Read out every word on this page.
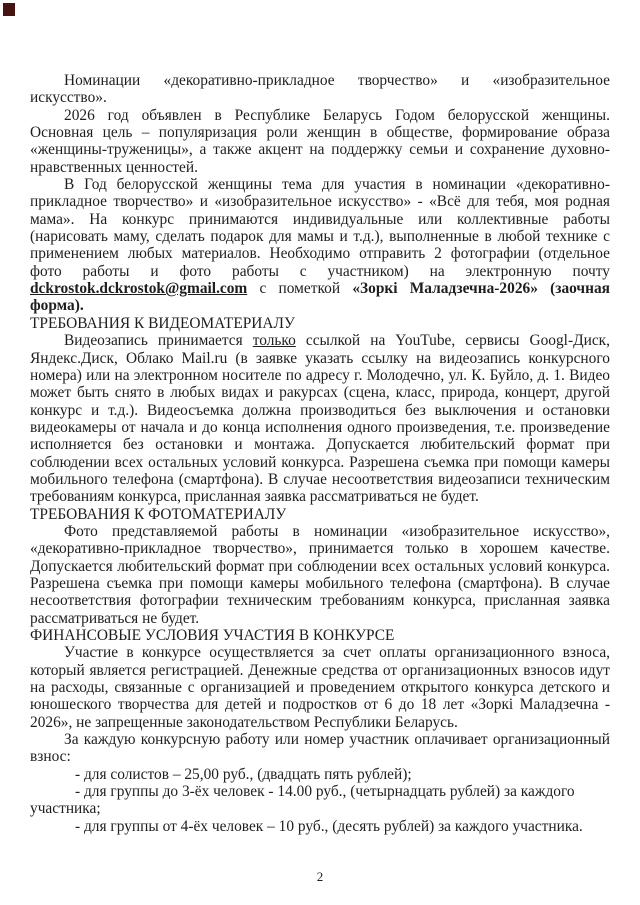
Номинации «декоративно-прикладное творчество» и «изобразительное
искусство».
2026 год объявлен в Республике Беларусь Годом белорусской женщины.
Основная цель – популяризация роли женщин в обществе, формирование образа
«женщины-труженицы», а также акцент на поддержку семьи и сохранение духовно-
нравственных ценностей.
В Год белорусской женщины тема для участия в номинации «декоративно-
прикладное творчество» и «изобразительное искусство» - «Всё для тебя, моя родная
мама». На конкурс принимаются индивидуальные или коллективные работы
(нарисовать маму, сделать подарок для мамы и т.д.), выполненные в любой технике с
применением любых материалов. Необходимо отправить 2 фотографии (отдельное
фото работы и фото работы с участником) на электронную почту
dckrostok.dckrostok@gmail.com с пометкой «Зоркі Маладзечна-2026» (заочная
форма).
ТРЕБОВАНИЯ К ВИДЕОМАТЕРИАЛУ
Видеозапись принимается только ссылкой на YouTube, сервисы Googl-Диск,
Яндекс.Диск, Облако Mail.ru (в заявке указать ссылку на видеозапись конкурсного
номера) или на электронном носителе по адресу г. Молодечно, ул. К. Буйло, д. 1. Видео
может быть снято в любых видах и ракурсах (сцена, класс, природа, концерт, другой
конкурс и т.д.). Видеосъемка должна производиться без выключения и остановки
видеокамеры от начала и до конца исполнения одного произведения, т.е. произведение
исполняется без остановки и монтажа. Допускается любительский формат при
соблюдении всех остальных условий конкурса. Разрешена съемка при помощи камеры
мобильного телефона (смартфона). В случае несоответствия видеозаписи техническим
требованиям конкурса, присланная заявка рассматриваться не будет.
ТРЕБОВАНИЯ К ФОТОМАТЕРИАЛУ
Фото представляемой работы в номинации «изобразительное искусство»,
«декоративно-прикладное творчество», принимается только в хорошем качестве.
Допускается любительский формат при соблюдении всех остальных условий конкурса.
Разрешена съемка при помощи камеры мобильного телефона (смартфона). В случае
несоответствия фотографии техническим требованиям конкурса, присланная заявка
рассматриваться не будет.
ФИНАНСОВЫЕ УСЛОВИЯ УЧАСТИЯ В КОНКУРСЕ
Участие в конкурсе осуществляется за счет оплаты организационного взноса,
который является регистрацией. Денежные средства от организационных взносов идут
на расходы, связанные с организацией и проведением открытого конкурса детского и
юношеского творчества для детей и подростков от 6 до 18 лет «Зоркі Маладзечна -
2026», не запрещенные законодательством Республики Беларусь.
За каждую конкурсную работу или номер участник оплачивает организационный
взнос:
- для солистов – 25,00 руб., (двадцать пять рублей);
- для группы до 3-ёх человек - 14.00 руб., (четырнадцать рублей) за каждого
участника;
- для группы от 4-ёх человек – 10 руб., (десять рублей) за каждого участника.
2
